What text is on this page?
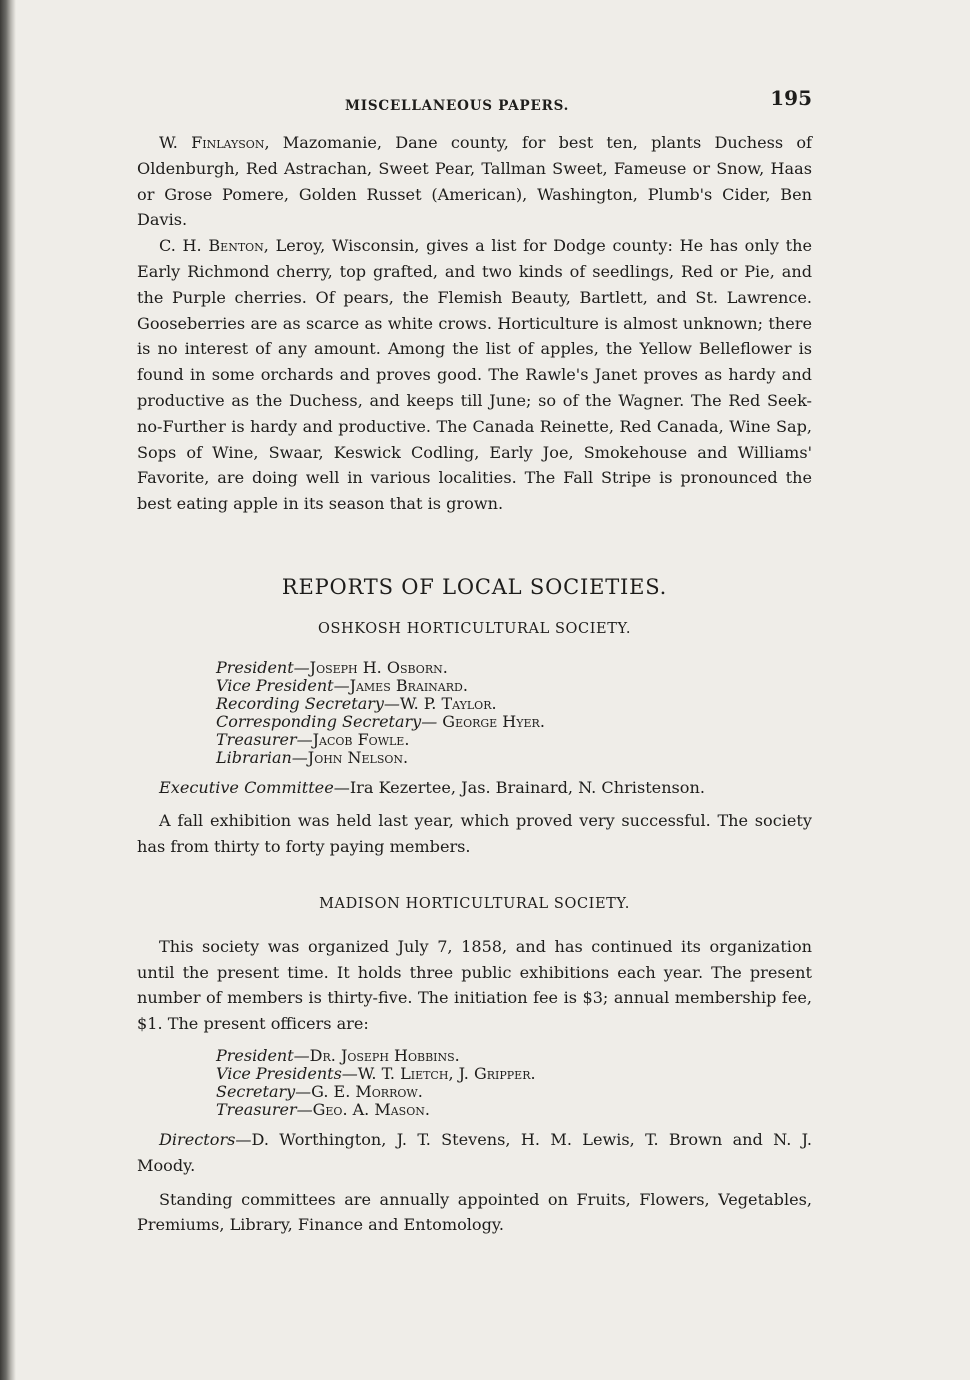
MISCELLANEOUS PAPERS.	195

W. Finlayson, Mazomanie, Dane county, for best ten, plants Duchess of Oldenburgh, Red Astrachan, Sweet Pear, Tallman Sweet, Fameuse or Snow, Haas or Grose Pomere, Golden Russet (American), Washington, Plumb's Cider, Ben Davis.

C. H. Benton, Leroy, Wisconsin, gives a list for Dodge county: He has only the Early Richmond cherry, top grafted, and two kinds of seedlings, Red or Pie, and the Purple cherries. Of pears, the Flemish Beauty, Bartlett, and St. Lawrence. Gooseberries are as scarce as white crows. Horticulture is almost unknown; there is no interest of any amount. Among the list of apples, the Yellow Belleflower is found in some orchards and proves good. The Rawle's Janet proves as hardy and productive as the Duchess, and keeps till June; so of the Wagner. The Red Seek-no-Further is hardy and productive. The Canada Reinette, Red Canada, Wine Sap, Sops of Wine, Swaar, Keswick Codling, Early Joe, Smokehouse and Williams' Favorite, are doing well in various localities. The Fall Stripe is pronounced the best eating apple in its season that is grown.

REPORTS OF LOCAL SOCIETIES.
OSHKOSH HORTICULTURAL SOCIETY.
President—Joseph H. Osborn.
Vice President—James Brainard.
Recording Secretary—W. P. Taylor.
Corresponding Secretary— George Hyer.
Treasurer—Jacob Fowle.
Librarian—John Nelson.

Executive Committee—Ira Kezertee, Jas. Brainard, N. Christenson.

A fall exhibition was held last year, which proved very successful. The society has from thirty to forty paying members.

MADISON HORTICULTURAL SOCIETY.

This society was organized July 7, 1858, and has continued its organization until the present time. It holds three public exhibitions each year. The present number of members is thirty-five. The initiation fee is $3; annual membership fee, $1. The present officers are:

President—Dr. Joseph Hobbins.
Vice Presidents—W. T. Lietch, J. Gripper.
Secretary—G. E. Morrow.
Treasurer—Geo. A. Mason.

Directors—D. Worthington, J. T. Stevens, H. M. Lewis, T. Brown and N. J. Moody.

Standing committees are annually appointed on Fruits, Flowers, Vegetables, Premiums, Library, Finance and Entomology.
